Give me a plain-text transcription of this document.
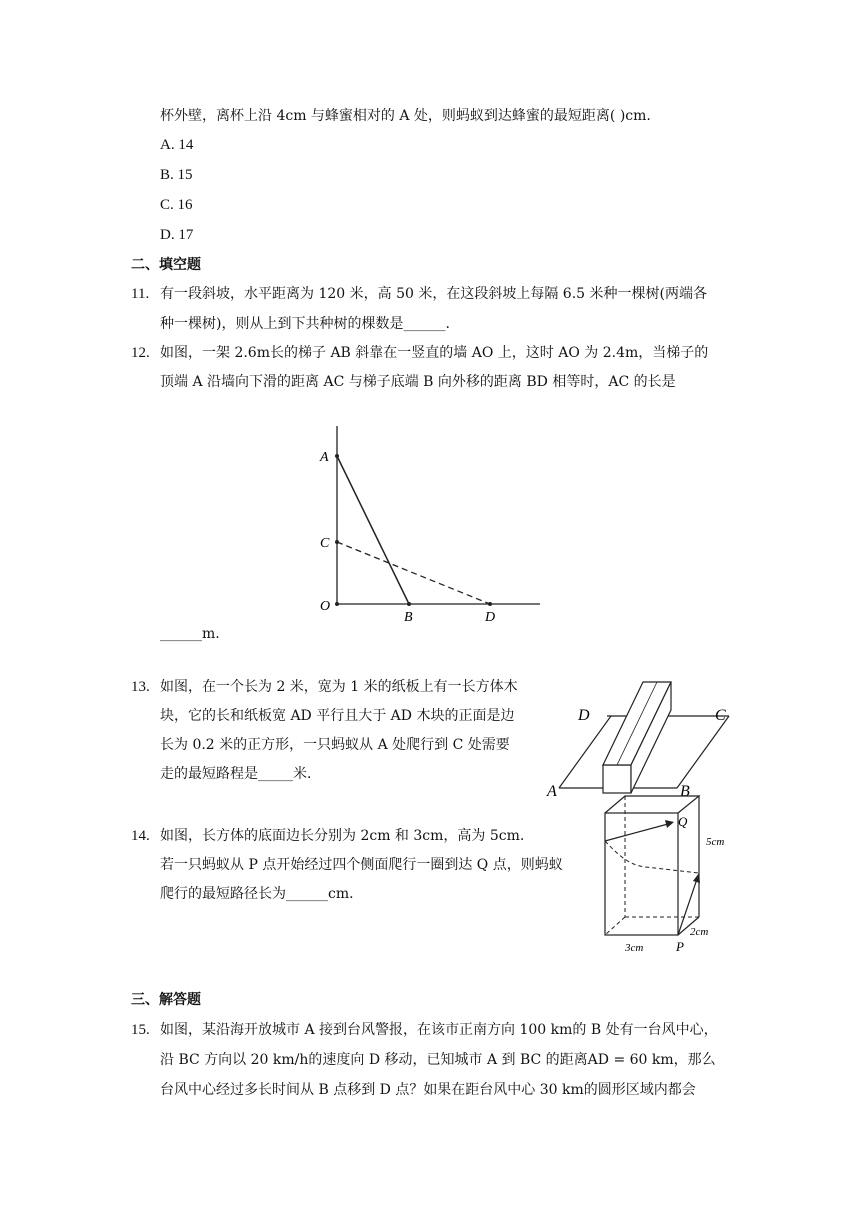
杯外壁，离杯上沿 4cm 与蜂蜜相对的 A 处，则蚂蚁到达蜂蜜的最短距离( )cm.
A. 14
B. 15
C. 16
D. 17
二、填空题
11. 有一段斜坡，水平距离为 120 米，高 50 米，在这段斜坡上每隔 6.5 米种一棵树(两端各
种一棵树)，则从上到下共种树的棵数是______.
12. 如图，一架 2.6m长的梯子 AB 斜靠在一竖直的墙 AO 上，这时 AO 为 2.4m，当梯子的
顶端 A 沿墙向下滑的距离 AC 与梯子底端 B 向外移的距离 BD 相等时，AC 的长是
A
C
O
B	D
______m.
13. 如图，在一个长为 2 米，宽为 1 米的纸板上有一长方体木
块，它的长和纸板宽 AD 平行且大于 AD 木块的正面是边
长为 0.2 米的正方形，一只蚂蚁从 A 处爬行到 C 处需要
走的最短路程是_____米.
A	B
C
D
14. 如图，长方体的底面边长分别为 2cm 和 3cm，高为 5cm.
若一只蚂蚁从 P 点开始经过四个侧面爬行一圈到达 Q 点，则蚂蚁
爬行的最短路径长为______cm.
Q
P
5cm
2cm
3cm
三、解答题
15. 如图，某沿海开放城市 A 接到台风警报，在该市正南方向 100 km的 B 处有一台风中心，
沿 BC 方向以 20 km/h的速度向 D 移动，已知城市 A 到 BC 的距离AD = 60 km，那么
台风中心经过多长时间从 B 点移到 D 点？如果在距台风中心 30 km的圆形区域内都会
